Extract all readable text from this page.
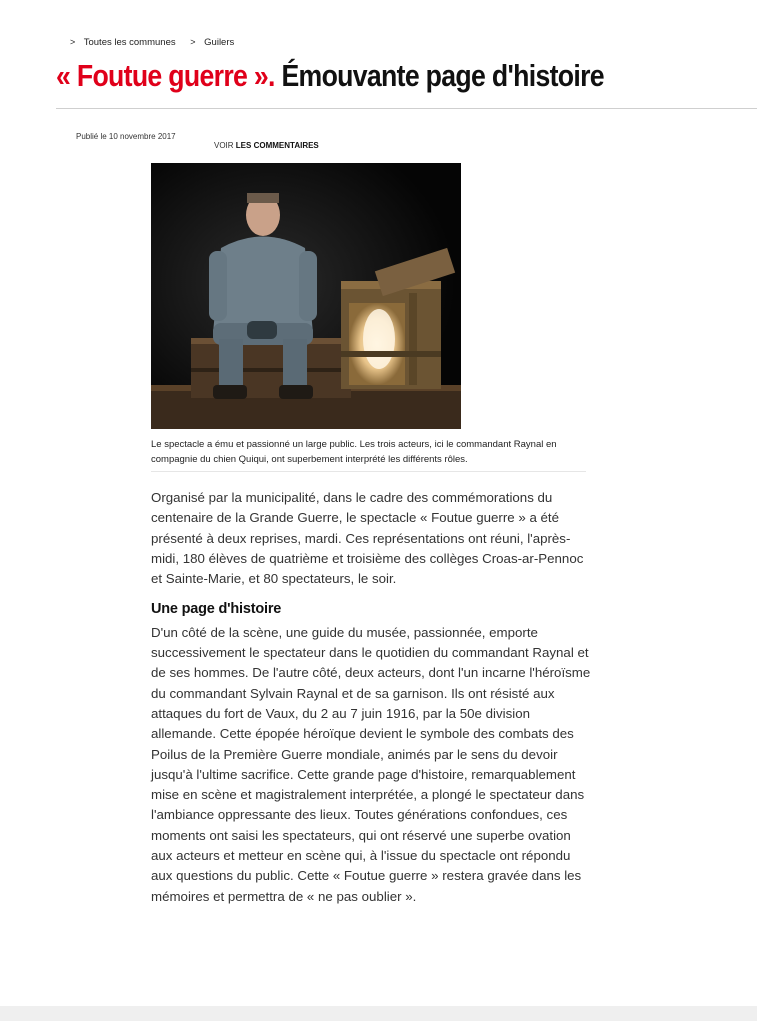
> Toutes les communes > Guilers
« Foutue guerre ». Émouvante page d'histoire
Publié le 10 novembre 2017
VOIR LES COMMENTAIRES
Le spectacle a ému et passionné un large public. Les trois acteurs, ici le commandant Raynal en compagnie du chien Quiqui, ont superbement interprété les différents rôles.

Organisé par la municipalité, dans le cadre des commémorations du centenaire de la Grande Guerre, le spectacle « Foutue guerre » a été présenté à deux reprises, mardi. Ces représentations ont réuni, l'après-midi, 180 élèves de quatrième et troisième des collèges Croas-ar-Pennoc et Sainte-Marie, et 80 spectateurs, le soir.

Une page d'histoire

D'un côté de la scène, une guide du musée, passionnée, emporte successivement le spectateur dans le quotidien du commandant Raynal et de ses hommes. De l'autre côté, deux acteurs, dont l'un incarne l'héroïsme du commandant Sylvain Raynal et de sa garnison. Ils ont résisté aux attaques du fort de Vaux, du 2 au 7 juin 1916, par la 50e division allemande. Cette épopée héroïque devient le symbole des combats des Poilus de la Première Guerre mondiale, animés par le sens du devoir jusqu'à l'ultime sacrifice. Cette grande page d'histoire, remarquablement mise en scène et magistralement interprétée, a plongé le spectateur dans l'ambiance oppressante des lieux. Toutes générations confondues, ces moments ont saisi les spectateurs, qui ont réservé une superbe ovation aux acteurs et metteur en scène qui, à l'issue du spectacle ont répondu aux questions du public. Cette « Foutue guerre » restera gravée dans les mémoires et permettra de « ne pas oublier ».
